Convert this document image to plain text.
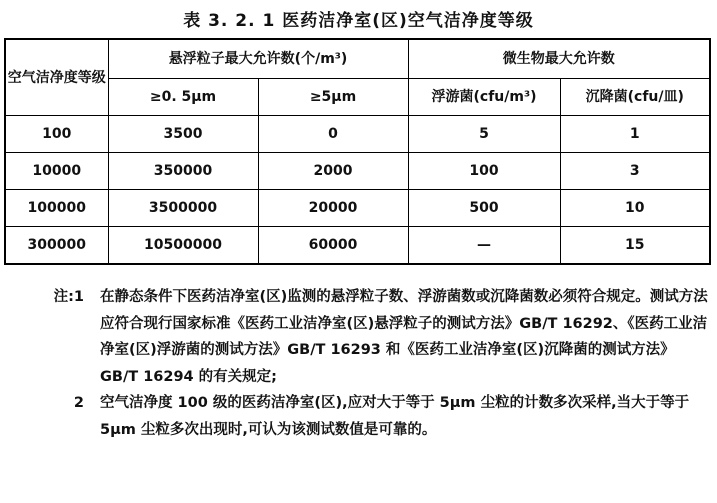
表 3. 2. 1 医药洁净室(区)空气洁净度等级
空气洁净度等级	悬浮粒子最大允许数(个/m³)		微生物最大允许数	
	≥0. 5μm	≥5μm	浮游菌(cfu/m³)	沉降菌(cfu/皿)
100	3500	0	5	1
10000	350000	2000	100	3
100000	3500000	20000	500	10
300000	10500000	60000	—	15
注:1 在静态条件下医药洁净室(区)监测的悬浮粒子数、浮游菌数或沉降菌数必须符合规定。测试方法应符合现行国家标准《医药工业洁净室(区)悬浮粒子的测试方法》GB/T 16292、《医药工业洁净室(区)浮游菌的测试方法》GB/T 16293 和《医药工业洁净室(区)沉降菌的测试方法》GB/T 16294 的有关规定;
2 空气洁净度 100 级的医药洁净室(区),应对大于等于 5μm 尘粒的计数多次采样,当大于等于 5μm 尘粒多次出现时,可认为该测试数值是可靠的。
